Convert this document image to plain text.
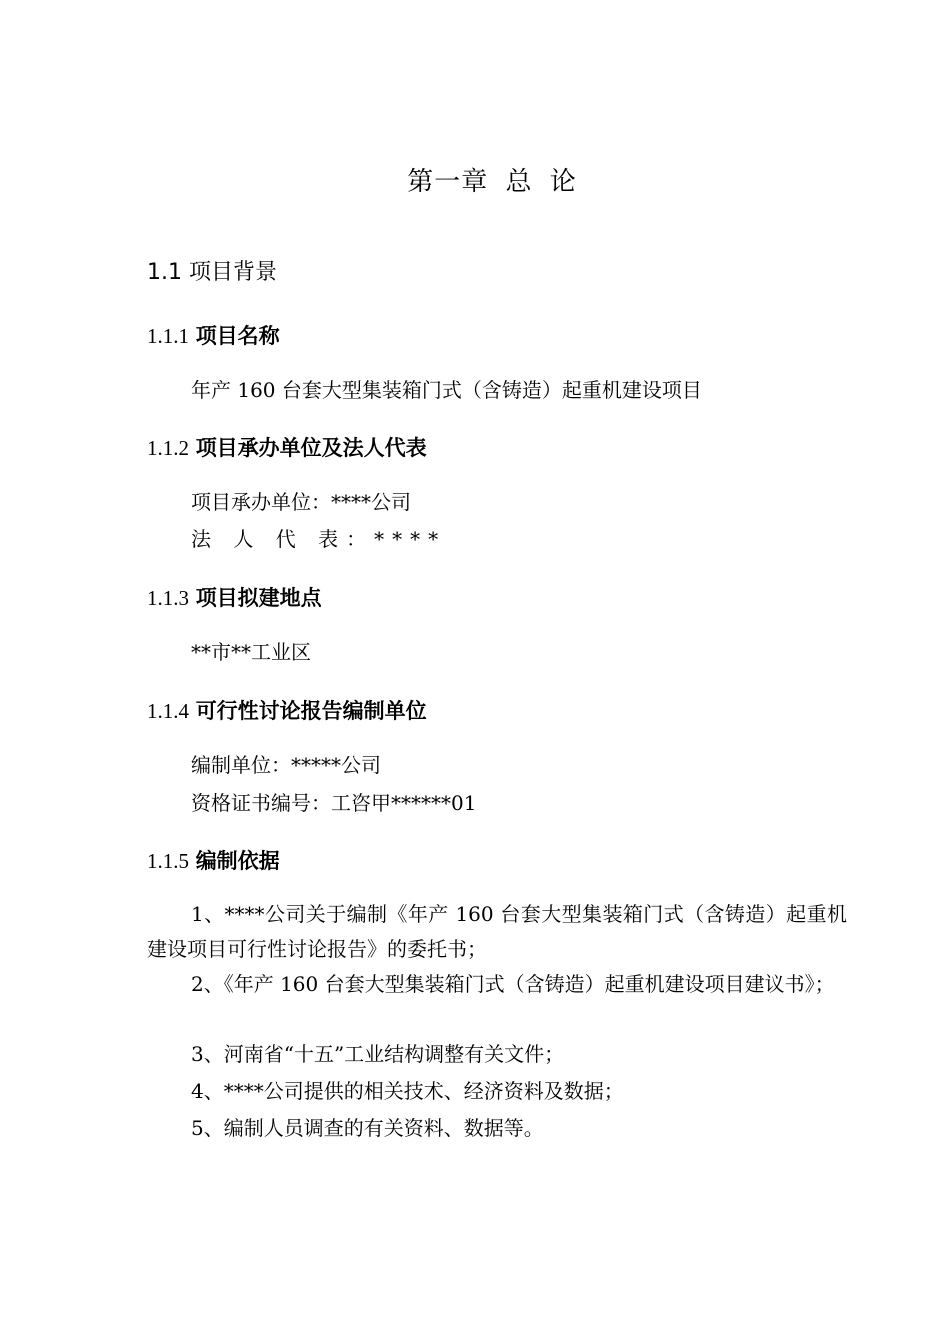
第一章 总 论
1.1 项目背景
1.1.1 项目名称

年产 160 台套大型集装箱门式（含铸造）起重机建设项目

1.1.2 项目承办单位及法人代表

项目承办单位：****公司

法 人 代 表：****

1.1.3 项目拟建地点

**市**工业区

1.1.4 可行性讨论报告编制单位

编制单位：*****公司

资格证书编号：工咨甲******01

1.1.5 编制依据

1、****公司关于编制《年产 160 台套大型集装箱门式（含铸造）起重机建设项目可行性讨论报告》的委托书；

2、《年产 160 台套大型集装箱门式（含铸造）起重机建设项目建议书》；

3、河南省“十五”工业结构调整有关文件；

4、****公司提供的相关技术、经济资料及数据；

5、编制人员调查的有关资料、数据等。
